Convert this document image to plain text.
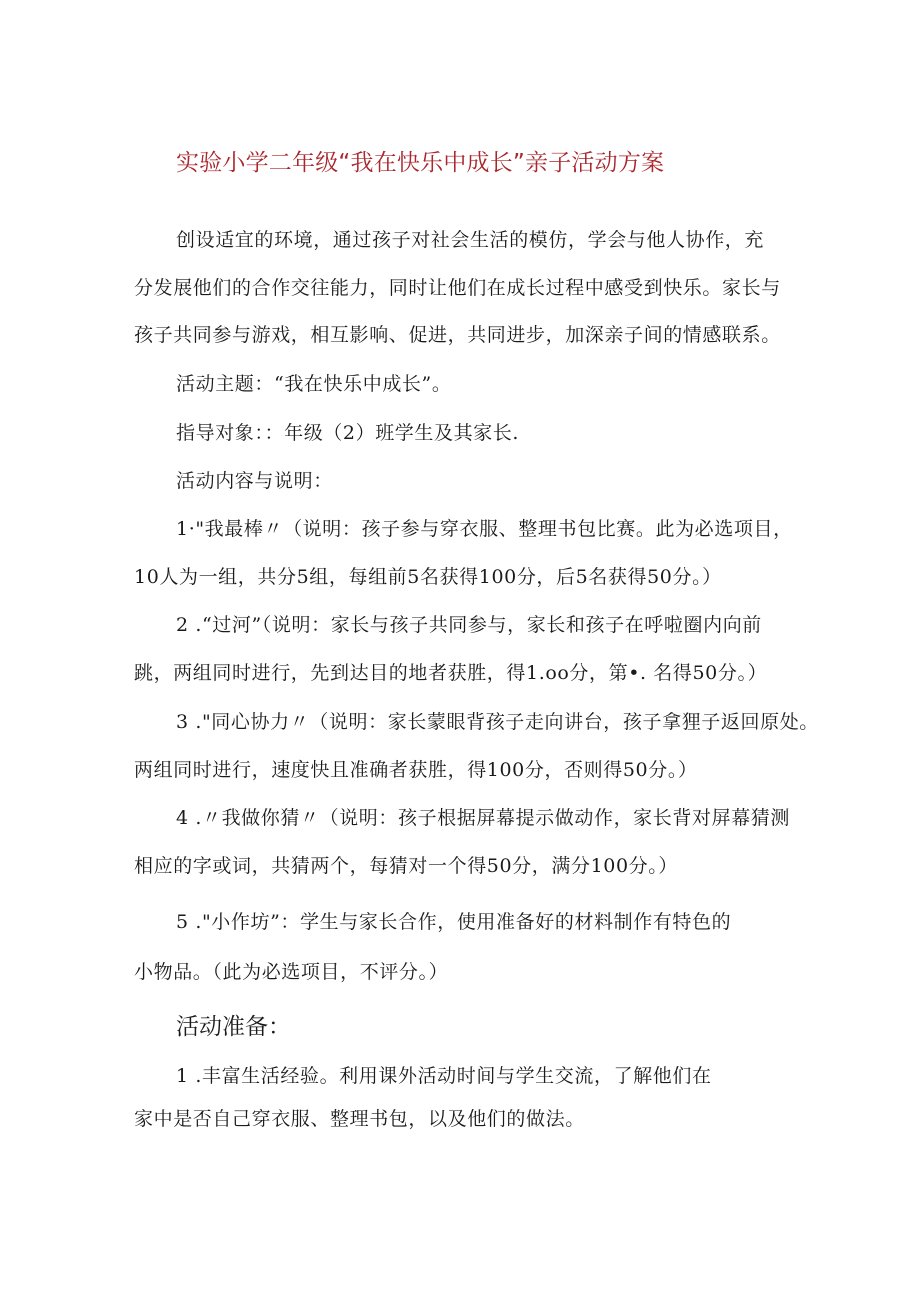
实验小学二年级“我在快乐中成长”亲子活动方案
创设适宜的环境，通过孩子对社会生活的模仿，学会与他人协作，充
分发展他们的合作交往能力，同时让他们在成长过程中感受到快乐。家长与
孩子共同参与游戏，相互影响、促进，共同进步，加深亲子间的情感联系。
活动主题：“我在快乐中成长”。
指导对象：：年级（2）班学生及其家长.
活动内容与说明：
1·"我最棒〃（说明：孩子参与穿衣服、整理书包比赛。此为必选项目，
10人为一组，共分5组，每组前5名获得100分，后5名获得50分。）
2 .“过河”（说明：家长与孩子共同参与，家长和孩子在呼啦圈内向前
跳，两组同时进行，先到达目的地者获胜，得1.oo分，第•. 名得50分。）
3 ."同心协力〃（说明：家长蒙眼背孩子走向讲台，孩子拿狸子返回原处。
两组同时进行，速度快且准确者获胜，得100分，否则得50分。）
4 .〃我做你猜〃（说明：孩子根据屏幕提示做动作，家长背对屏幕猜测
相应的字或词，共猜两个，每猜对一个得50分，满分100分。）
5 ."小作坊”：学生与家长合作，使用准备好的材料制作有特色的
小物品。（此为必选项目，不评分。）
活动准备：
1 .丰富生活经验。利用课外活动时间与学生交流，了解他们在
家中是否自己穿衣服、整理书包，以及他们的做法。
